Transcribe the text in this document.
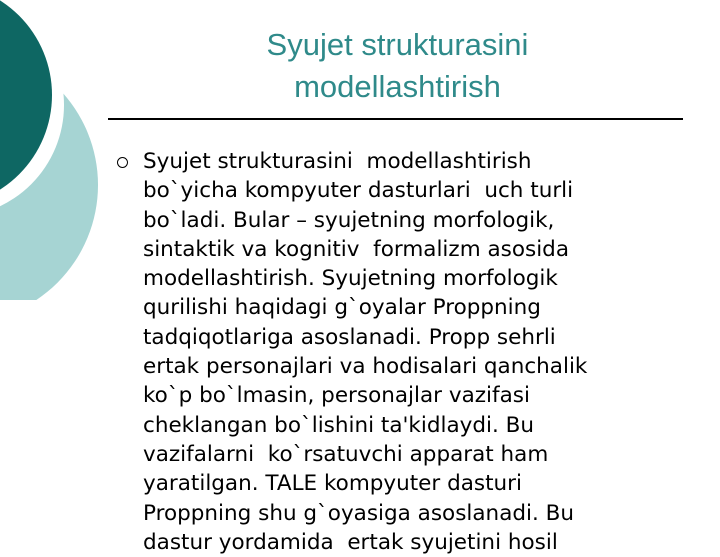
Syujet strukturasini
modellashtirish
Syujet strukturasini  modellashtirish
bo`yicha kompyuter dasturlari  uch turli
bo`ladi. Bular – syujetning morfologik,
sintaktik va kognitiv  formalizm asosida
modellashtirish. Syujetning morfologik
qurilishi haqidagi g`oyalar Proppning
tadqiqotlariga asoslanadi. Propp sehrli
ertak personajlari va hodisalari qanchalik
ko`p bo`lmasin, personajlar vazifasi
cheklangan bo`lishini ta'kidlaydi. Bu
vazifalarni  ko`rsatuvchi apparat ham
yaratilgan. TALE kompyuter dasturi
Proppning shu g`oyasiga asoslanadi. Bu
dastur yordamida  ertak syujetini hosil
